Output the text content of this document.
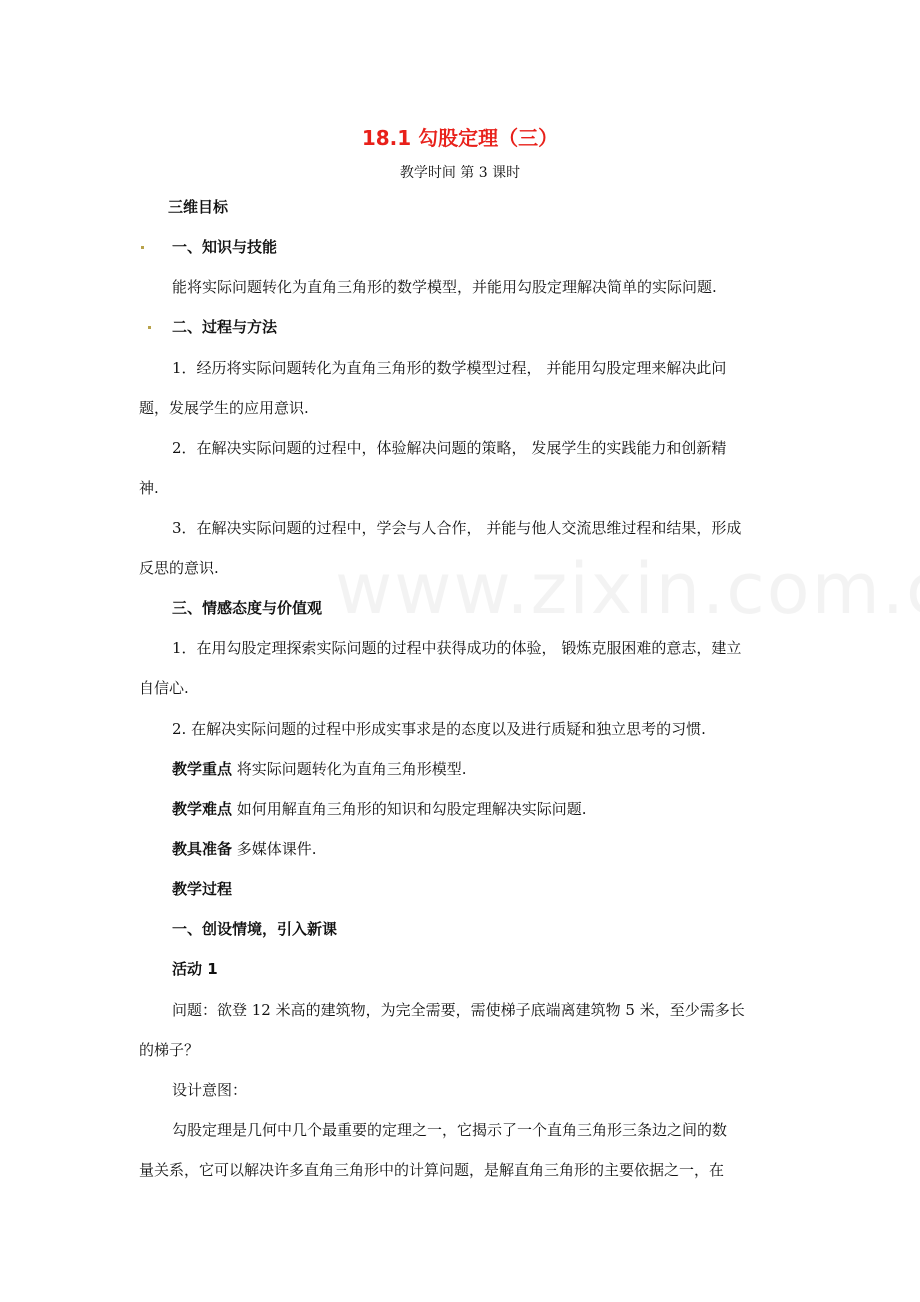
18.1 勾股定理（三）
教学时间 第 3 课时
三维目标
一、知识与技能
能将实际问题转化为直角三角形的数学模型，并能用勾股定理解决简单的实际问题.
二、过程与方法
1．经历将实际问题转化为直角三角形的数学模型过程， 并能用勾股定理来解决此问
题，发展学生的应用意识.
2．在解决实际问题的过程中，体验解决问题的策略， 发展学生的实践能力和创新精
神.
3．在解决实际问题的过程中，学会与人合作， 并能与他人交流思维过程和结果，形成
反思的意识.
三、情感态度与价值观
1．在用勾股定理探索实际问题的过程中获得成功的体验， 锻炼克服困难的意志，建立
自信心.
2. 在解决实际问题的过程中形成实事求是的态度以及进行质疑和独立思考的习惯.
教学重点 将实际问题转化为直角三角形模型.
教学难点 如何用解直角三角形的知识和勾股定理解决实际问题.
教具准备 多媒体课件.
教学过程
一、创设情境，引入新课
活动 1
问题：欲登 12 米高的建筑物，为完全需要，需使梯子底端离建筑物 5 米，至少需多长
的梯子？
设计意图：
勾股定理是几何中几个最重要的定理之一，它揭示了一个直角三角形三条边之间的数
量关系，它可以解决许多直角三角形中的计算问题，是解直角三角形的主要依据之一，在
